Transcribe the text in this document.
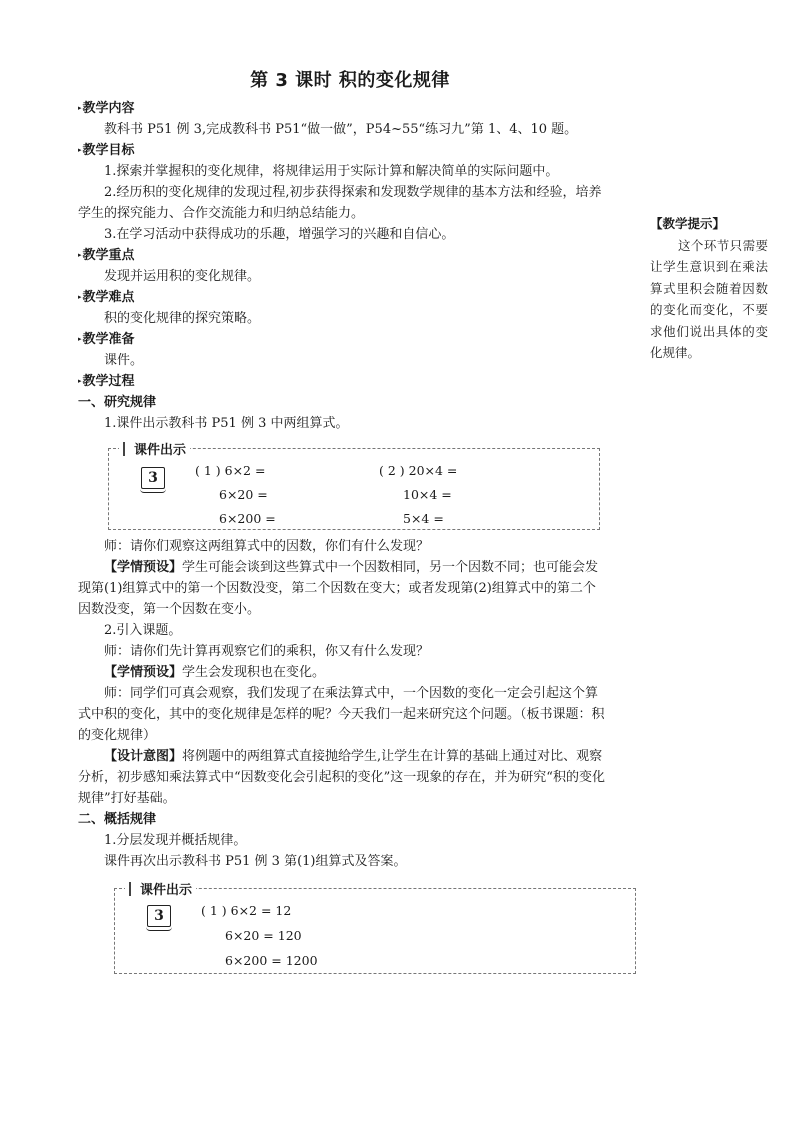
第 3 课时 积的变化规律

▸教学内容

教科书 P51 例 3,完成教科书 P51“做一做”，P54~55“练习九”第 1、4、10 题。

▸教学目标

1.探索并掌握积的变化规律，将规律运用于实际计算和解决简单的实际问题中。

2.经历积的变化规律的发现过程,初步获得探索和发现数学规律的基本方法和经验，培养学生的探究能力、合作交流能力和归纳总结能力。

3.在学习活动中获得成功的乐趣，增强学习的兴趣和自信心。

▸教学重点

发现并运用积的变化规律。

▸教学难点

积的变化规律的探究策略。

▸教学准备

课件。

▸教学过程

一、研究规律

1.课件出示教科书 P51 例 3 中两组算式。

课件出示
3	( 1 ) 6×2 =
6×20 =
6×200 =
( 2 ) 20×4 =
10×4 =
5×4 =

师：请你们观察这两组算式中的因数，你们有什么发现？

【学情预设】学生可能会谈到这些算式中一个因数相同，另一个因数不同；也可能会发现第(1)组算式中的第一个因数没变，第二个因数在变大；或者发现第(2)组算式中的第二个因数没变，第一个因数在变小。

2.引入课题。

师：请你们先计算再观察它们的乘积，你又有什么发现？

【学情预设】学生会发现积也在变化。

师：同学们可真会观察，我们发现了在乘法算式中，一个因数的变化一定会引起这个算式中积的变化，其中的变化规律是怎样的呢？今天我们一起来研究这个问题。（板书课题：积的变化规律）

【设计意图】将例题中的两组算式直接抛给学生,让学生在计算的基础上通过对比、观察分析，初步感知乘法算式中“因数变化会引起积的变化”这一现象的存在，并为研究“积的变化规律”打好基础。

二、概括规律

1.分层发现并概括规律。

课件再次出示教科书 P51 例 3 第(1)组算式及答案。

课件出示
3	( 1 ) 6×2 = 12
6×20 = 120
6×200 = 1200
【教学提示】
这个环节只需要让学生意识到在乘法算式里积会随着因数的变化而变化，不要求他们说出具体的变化规律。
